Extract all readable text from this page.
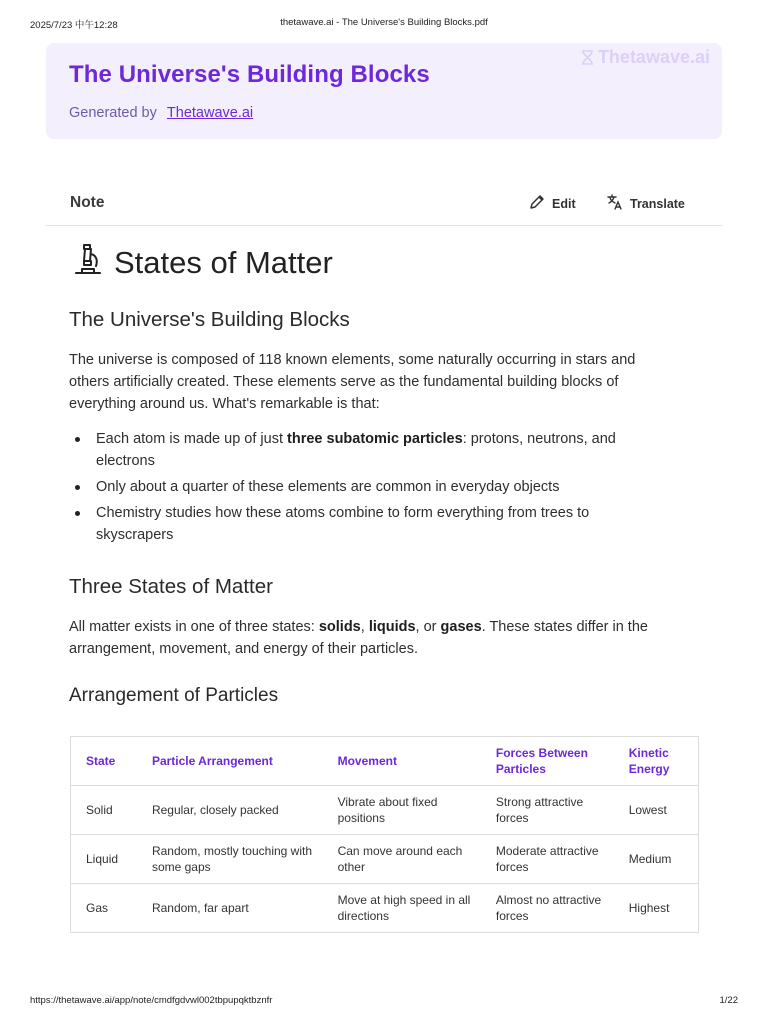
2025/7/23 中午12:28	thetawave.ai - The Universe's Building Blocks.pdf
The Universe's Building Blocks
Generated by Thetawave.ai
Thetawave.ai
Note	Edit	Translate
States of Matter
The Universe's Building Blocks
The universe is composed of 118 known elements, some naturally occurring in stars and others artificially created. These elements serve as the fundamental building blocks of everything around us. What's remarkable is that:
Each atom is made up of just three subatomic particles: protons, neutrons, and electrons
Only about a quarter of these elements are common in everyday objects
Chemistry studies how these atoms combine to form everything from trees to skyscrapers
Three States of Matter
All matter exists in one of three states: solids, liquids, or gases. These states differ in the arrangement, movement, and energy of their particles.
Arrangement of Particles
State	Particle Arrangement	Movement	Forces Between Particles	Kinetic Energy
Solid	Regular, closely packed	Vibrate about fixed positions	Strong attractive forces	Lowest
Liquid	Random, mostly touching with some gaps	Can move around each other	Moderate attractive forces	Medium
Gas	Random, far apart	Move at high speed in all directions	Almost no attractive forces	Highest
https://thetawave.ai/app/note/cmdfgdvwl002tbpupqktbznfr	1/22
